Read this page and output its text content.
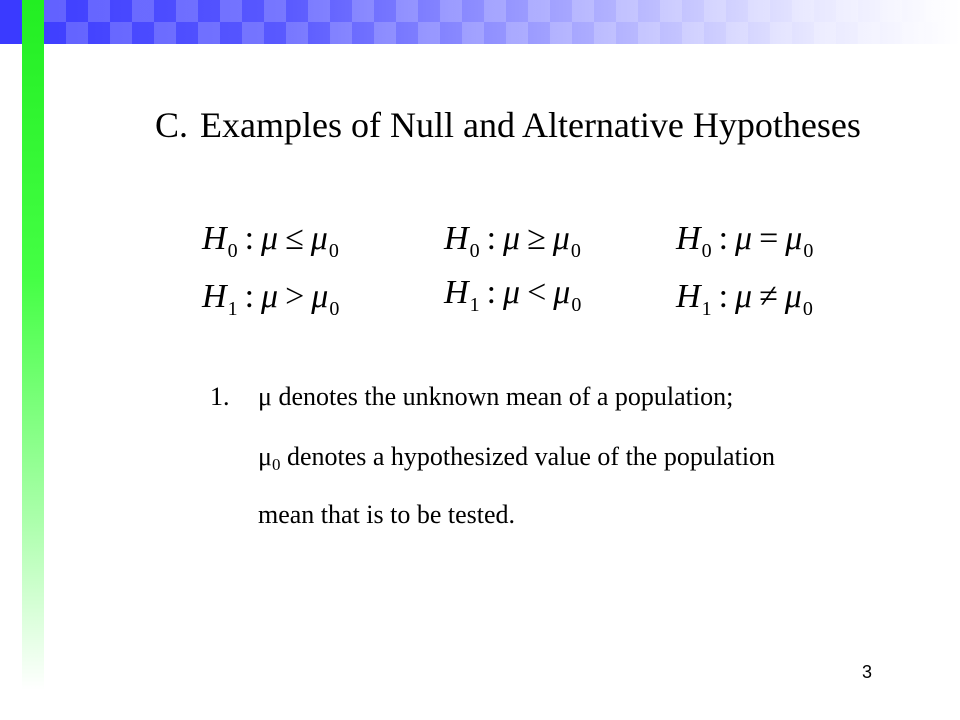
C. Examples of Null and Alternative Hypotheses
$H_0$ : $\mu \le \mu_0$
$H_1$ : $\mu > \mu_0$
$H_0$ : $\mu \ge \mu_0$
$H_1$ : $\mu < \mu_0$
$H_0$ : $\mu = \mu_0$
$H_1$ : $\mu \ne \mu_0$
1. μ denotes the unknown mean of a population;
$\mu_0$ denotes a hypothesized value of the population
mean that is to be tested.
3
